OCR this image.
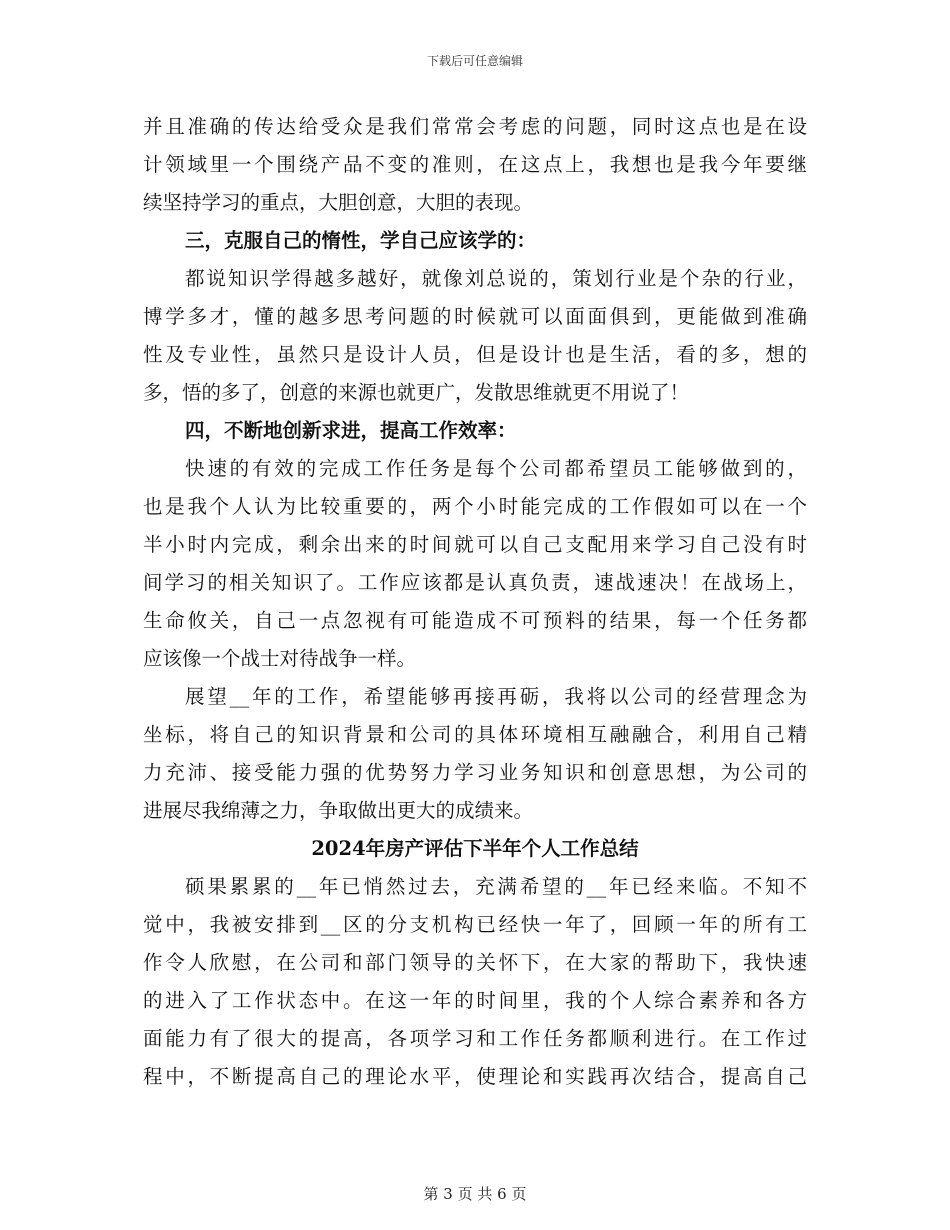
下载后可任意编辑
并且准确的传达给受众是我们常常会考虑的问题，同时这点也是在设
计领域里一个围绕产品不变的准则，在这点上，我想也是我今年要继
续坚持学习的重点，大胆创意，大胆的表现。
三，克服自己的惰性，学自己应该学的：
都说知识学得越多越好，就像刘总说的，策划行业是个杂的行业，
博学多才，懂的越多思考问题的时候就可以面面俱到，更能做到准确
性及专业性，虽然只是设计人员，但是设计也是生活，看的多，想的
多，悟的多了，创意的来源也就更广，发散思维就更不用说了！
四，不断地创新求进，提高工作效率：
快速的有效的完成工作任务是每个公司都希望员工能够做到的，
也是我个人认为比较重要的，两个小时能完成的工作假如可以在一个
半小时内完成，剩余出来的时间就可以自己支配用来学习自己没有时
间学习的相关知识了。工作应该都是认真负责，速战速决！在战场上，
生命攸关，自己一点忽视有可能造成不可预料的结果，每一个任务都
应该像一个战士对待战争一样。
展望__年的工作，希望能够再接再砺，我将以公司的经营理念为
坐标，将自己的知识背景和公司的具体环境相互融融合，利用自己精
力充沛、接受能力强的优势努力学习业务知识和创意思想，为公司的
进展尽我绵薄之力，争取做出更大的成绩来。
2024年房产评估下半年个人工作总结
硕果累累的__年已悄然过去，充满希望的__年已经来临。不知不
觉中，我被安排到__区的分支机构已经快一年了，回顾一年的所有工
作令人欣慰，在公司和部门领导的关怀下，在大家的帮助下，我快速
的进入了工作状态中。在这一年的时间里，我的个人综合素养和各方
面能力有了很大的提高，各项学习和工作任务都顺利进行。在工作过
程中，不断提高自己的理论水平，使理论和实践再次结合，提高自己
第 3 页 共 6 页
